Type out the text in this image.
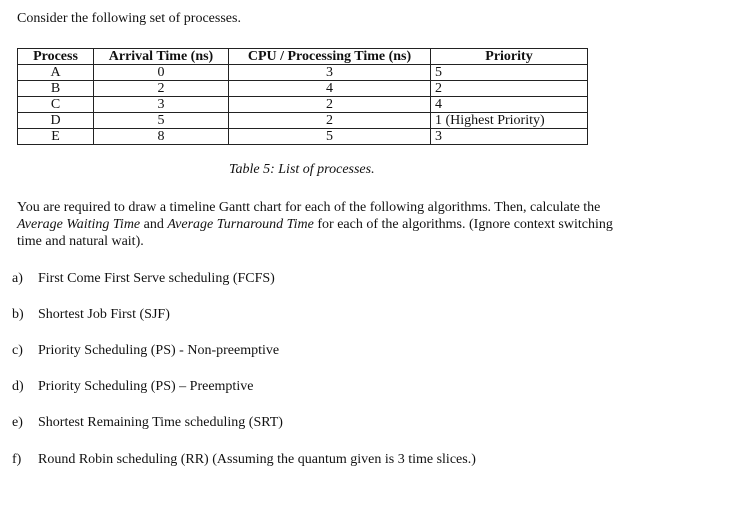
Consider the following set of processes.
Process	Arrival Time (ns)	CPU / Processing Time (ns)	Priority
A	0	3	5
B	2	4	2
C	3	2	4
D	5	2	1 (Highest Priority)
E	8	5	3
Table 5: List of processes.
You are required to draw a timeline Gantt chart for each of the following algorithms. Then, calculate the Average Waiting Time and Average Turnaround Time for each of the algorithms. (Ignore context switching time and natural wait).
a) First Come First Serve scheduling (FCFS)
b) Shortest Job First (SJF)
c) Priority Scheduling (PS) - Non-preemptive
d) Priority Scheduling (PS) – Preemptive
e) Shortest Remaining Time scheduling (SRT)
f) Round Robin scheduling (RR) (Assuming the quantum given is 3 time slices.)
